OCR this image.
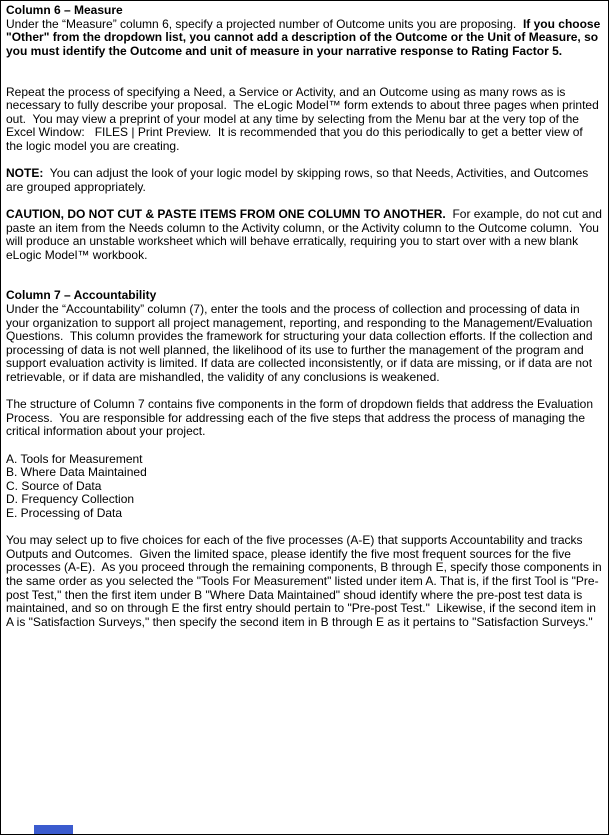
Column 6 – Measure
Under the “Measure” column 6, specify a projected number of Outcome units you are proposing.  If you choose "Other" from the dropdown list, you cannot add a description of the Outcome or the Unit of Measure, so you must identify the Outcome and unit of measure in your narrative response to Rating Factor 5.
Repeat the process of specifying a Need, a Service or Activity, and an Outcome using as many rows as is necessary to fully describe your proposal.  The eLogic Model™ form extends to about three pages when printed out.  You may view a preprint of your model at any time by selecting from the Menu bar at the very top of the Excel Window:   FILES | Print Preview.  It is recommended that you do this periodically to get a better view of the logic model you are creating.
NOTE:  You can adjust the look of your logic model by skipping rows, so that Needs, Activities, and Outcomes are grouped appropriately.
CAUTION, DO NOT CUT & PASTE ITEMS FROM ONE COLUMN TO ANOTHER.  For example, do not cut and paste an item from the Needs column to the Activity column, or the Activity column to the Outcome column.  You will produce an unstable worksheet which will behave erratically, requiring you to start over with a new blank eLogic Model™ workbook.
Column 7 – Accountability
Under the “Accountability” column (7), enter the tools and the process of collection and processing of data in your organization to support all project management, reporting, and responding to the Management/Evaluation Questions.  This column provides the framework for structuring your data collection efforts. If the collection and processing of data is not well planned, the likelihood of its use to further the management of the program and support evaluation activity is limited. If data are collected inconsistently, or if data are missing, or if data are not retrievable, or if data are mishandled, the validity of any conclusions is weakened.
The structure of Column 7 contains five components in the form of dropdown fields that address the Evaluation Process.  You are responsible for addressing each of the five steps that address the process of managing the critical information about your project.
A. Tools for Measurement
B. Where Data Maintained
C. Source of Data
D. Frequency Collection
E. Processing of Data
You may select up to five choices for each of the five processes (A-E) that supports Accountability and tracks Outputs and Outcomes.  Given the limited space, please identify the five most frequent sources for the five processes (A-E).  As you proceed through the remaining components, B through E, specify those components in the same order as you selected the "Tools For Measurement" listed under item A. That is, if the first Tool is "Pre-post Test," then the first item under B "Where Data Maintained" shoud identify where the pre-post test data is maintained, and so on through E the first entry should pertain to "Pre-post Test."  Likewise, if the second item in A is "Satisfaction Surveys," then specify the second item in B through E as it pertains to "Satisfaction Surveys."
